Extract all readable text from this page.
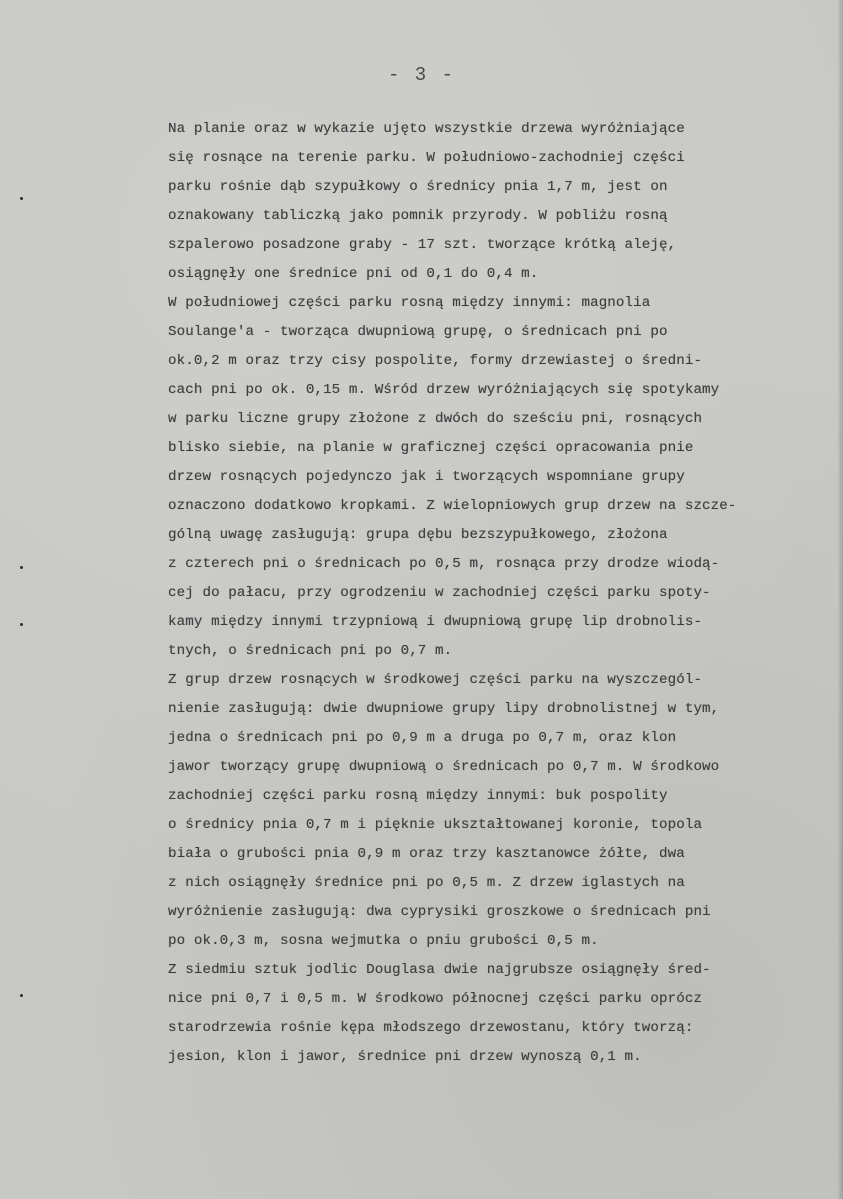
- 3 -
Na planie oraz w wykazie ujęto wszystkie drzewa wyróżniające
się rosnące na terenie parku. W południowo-zachodniej części
parku rośnie dąb szypułkowy o średnicy pnia 1,7 m, jest on
oznakowany tabliczką jako pomnik przyrody. W pobliżu rosną
szpalerowo posadzone graby - 17 szt. tworzące krótką aleję,
osiągnęły one średnice pni od 0,1 do 0,4 m.
W południowej części parku rosną między innymi: magnolia
Soulange'a - tworząca dwupniową grupę, o średnicach pni po
ok.0,2 m oraz trzy cisy pospolite, formy drzewiastej o średni-
cach pni po ok. 0,15 m. Wśród drzew wyróżniających się spotykamy
w parku liczne grupy złożone z dwóch do sześciu pni, rosnących
blisko siebie, na planie w graficznej części opracowania pnie
drzew rosnących pojedynczo jak i tworzących wspomniane grupy
oznaczono dodatkowo kropkami. Z wielopniowych grup drzew na szcze-
gólną uwagę zasługują: grupa dębu bezszypułkowego, złożona
z czterech pni o średnicach po 0,5 m, rosnąca przy drodze wiodą-
cej do pałacu, przy ogrodzeniu w zachodniej części parku spoty-
kamy między innymi trzypniową i dwupniową grupę lip drobnolis-
tnych, o średnicach pni po 0,7 m.
Z grup drzew rosnących w środkowej części parku na wyszczegól-
nienie zasługują: dwie dwupniowe grupy lipy drobnolistnej w tym,
jedna o średnicach pni po 0,9 m a druga po 0,7 m, oraz klon
jawor tworzący grupę dwupniową o średnicach po 0,7 m. W środkowo
zachodniej części parku rosną między innymi: buk pospolity
o średnicy pnia 0,7 m i pięknie ukształtowanej koronie, topola
biała o grubości pnia 0,9 m oraz trzy kasztanowce żółte, dwa
z nich osiągnęły średnice pni po 0,5 m. Z drzew iglastych na
wyróżnienie zasługują: dwa cyprysiki groszkowe o średnicach pni
po ok.0,3 m, sosna wejmutka o pniu grubości 0,5 m.
Z siedmiu sztuk jodlic Douglasa dwie najgrubsze osiągnęły śred-
nice pni 0,7 i 0,5 m. W środkowo północnej części parku oprócz
starodrzewia rośnie kępa młodszego drzewostanu, który tworzą:
jesion, klon i jawor, średnice pni drzew wynoszą 0,1 m.
